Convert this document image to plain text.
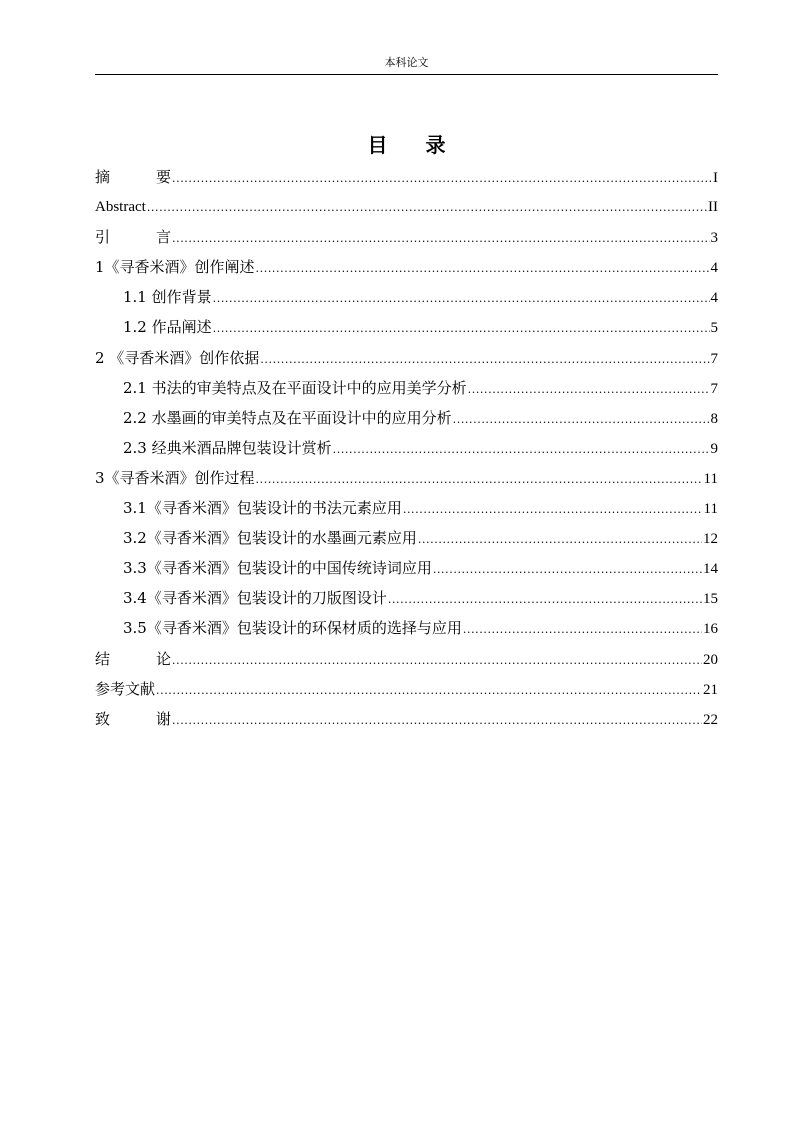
本科论文
目 录
摘 要 .....	I
Abstract .....	II
引 言 .....	3
1《寻香米酒》创作阐述 .....	4
1.1 创作背景 .....	4
1.2 作品阐述 .....	5
2 《寻香米酒》创作依据 .....	7
2.1 书法的审美特点及在平面设计中的应用美学分析 .....	7
2.2 水墨画的审美特点及在平面设计中的应用分析 .....	8
2.3 经典米酒品牌包装设计赏析 .....	9
3《寻香米酒》创作过程 .....	11
3.1《寻香米酒》包装设计的书法元素应用 .....	11
3.2《寻香米酒》包装设计的水墨画元素应用 .....	12
3.3《寻香米酒》包装设计的中国传统诗词应用 .....	14
3.4《寻香米酒》包装设计的刀版图设计 .....	15
3.5《寻香米酒》包装设计的环保材质的选择与应用 .....	16
结 论 .....	20
参考文献 .....	21
致 谢 .....	22
